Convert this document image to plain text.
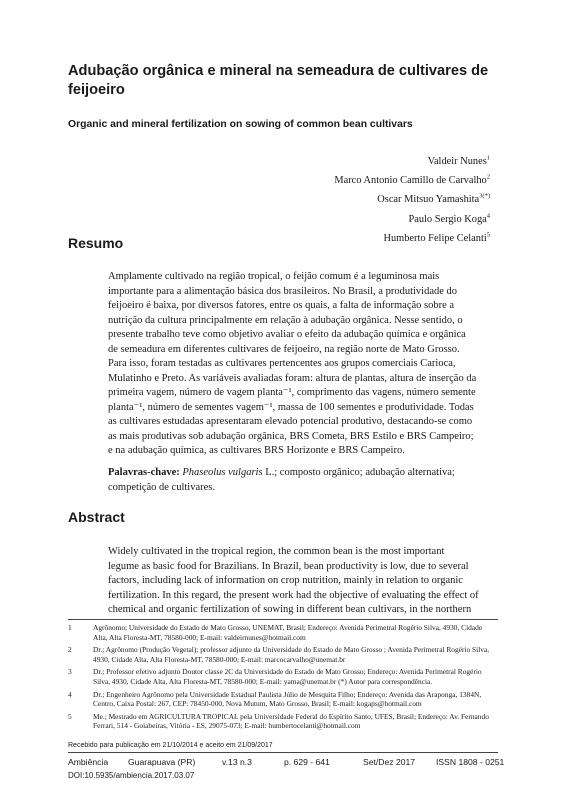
Adubação orgânica e mineral na semeadura de cultivares de feijoeiro
Organic and mineral fertilization on sowing of common bean cultivars
Valdeir Nunes$^1$
Marco Antonio Camillo de Carvalho$^2$
Oscar Mitsuo Yamashita$^{3(*)}$
Paulo Sergio Koga$^4$
Humberto Felipe Celanti$^5$
Resumo
Amplamente cultivado na região tropical, o feijão comum é a leguminosa mais
importante para a alimentação básica dos brasileiros. No Brasil, a produtividade do
feijoeiro é baixa, por diversos fatores, entre os quais, a falta de informação sobre a
nutrição da cultura principalmente em relação à adubação orgânica. Nesse sentido, o
presente trabalho teve como objetivo avaliar o efeito da adubação química e orgânica
de semeadura em diferentes cultivares de feijoeiro, na região norte de Mato Grosso.
Para isso, foram testadas as cultivares pertencentes aos grupos comerciais Carioca,
Mulatinho e Preto. As variáveis avaliadas foram: altura de plantas, altura de inserção da
primeira vagem, número de vagem planta⁻¹, comprimento das vagens, número semente
planta⁻¹, número de sementes vagem⁻¹, massa de 100 sementes e produtividade. Todas
as cultivares estudadas apresentaram elevado potencial produtivo, destacando-se como
as mais produtivas sob adubação orgânica, BRS Cometa, BRS Estilo e BRS Campeiro;
e na adubação química, as cultivares BRS Horizonte e BRS Campeiro.
Palavras-chave: Phaseolus vulgaris L.; composto orgânico; adubação alternativa;
competição de cultivares.
Abstract
Widely cultivated in the tropical region, the common bean is the most important
legume as basic food for Brazilians. In Brazil, bean productivity is low, due to several
factors, including lack of information on crop nutrition, mainly in relation to organic
fertilization. In this regard, the present work had the objective of evaluating the effect of
chemical and organic fertilization of sowing in different bean cultivars, in the northern
1	Agrônomo; Universidade do Estado de Mato Grosso, UNEMAT, Brasil; Endereço: Avenida Perimetral Rogério Silva, 4930, Cidade Alta, Alta Floresta-MT, 78580-000; E-mail: valdeirnunes@hotmail.com
2	Dr.; Agrônomo (Produção Vegetal); professor adjunto da Universidade do Estado de Mato Grosso ; Avenida Perimetral Rogério Silva, 4930, Cidade Alta, Alta Floresta-MT, 78580-000; E-mail: marcocarvalho@unemat.br
3	Dr.; Professor efetivo adjunto Doutor classe 2C da Universidade do Estado de Mato Grosso; Endereço: Avenida Perimetral Rogério Silva, 4930, Cidade Alta, Alta Floresta-MT, 78580-000; E-mail: yama@unemat.br (*) Autor para correspondência.
4	Dr.; Engenheiro Agrônomo pela Universidade Estadual Paulista Júlio de Mesquita Filho; Endereço: Avenida das Araponga, 1384N, Centro, Caixa Postal: 267, CEP: 78450-000, Nova Mutum, Mato Grosso, Brasil; E-mail: kogaps@hotmail.com
5	Me.; Mestrado em AGRICULTURA TROPICAL pela Universidade Federal do Espírito Santo, UFES, Brasil; Endereço: Av. Fernando Ferrari, 514 - Goiabeiras, Vitória - ES, 29075-073; E-mail: humbertocelanti@hotmail.com
Recebido para publicação em 21/10/2014 e aceito em 21/09/2017
Ambiência Guarapuava (PR)	v.13 n.3	p. 629 - 641	Set/Dez 2017 ISSN 1808 - 0251
DOI:10.5935/ambiencia.2017.03.07
